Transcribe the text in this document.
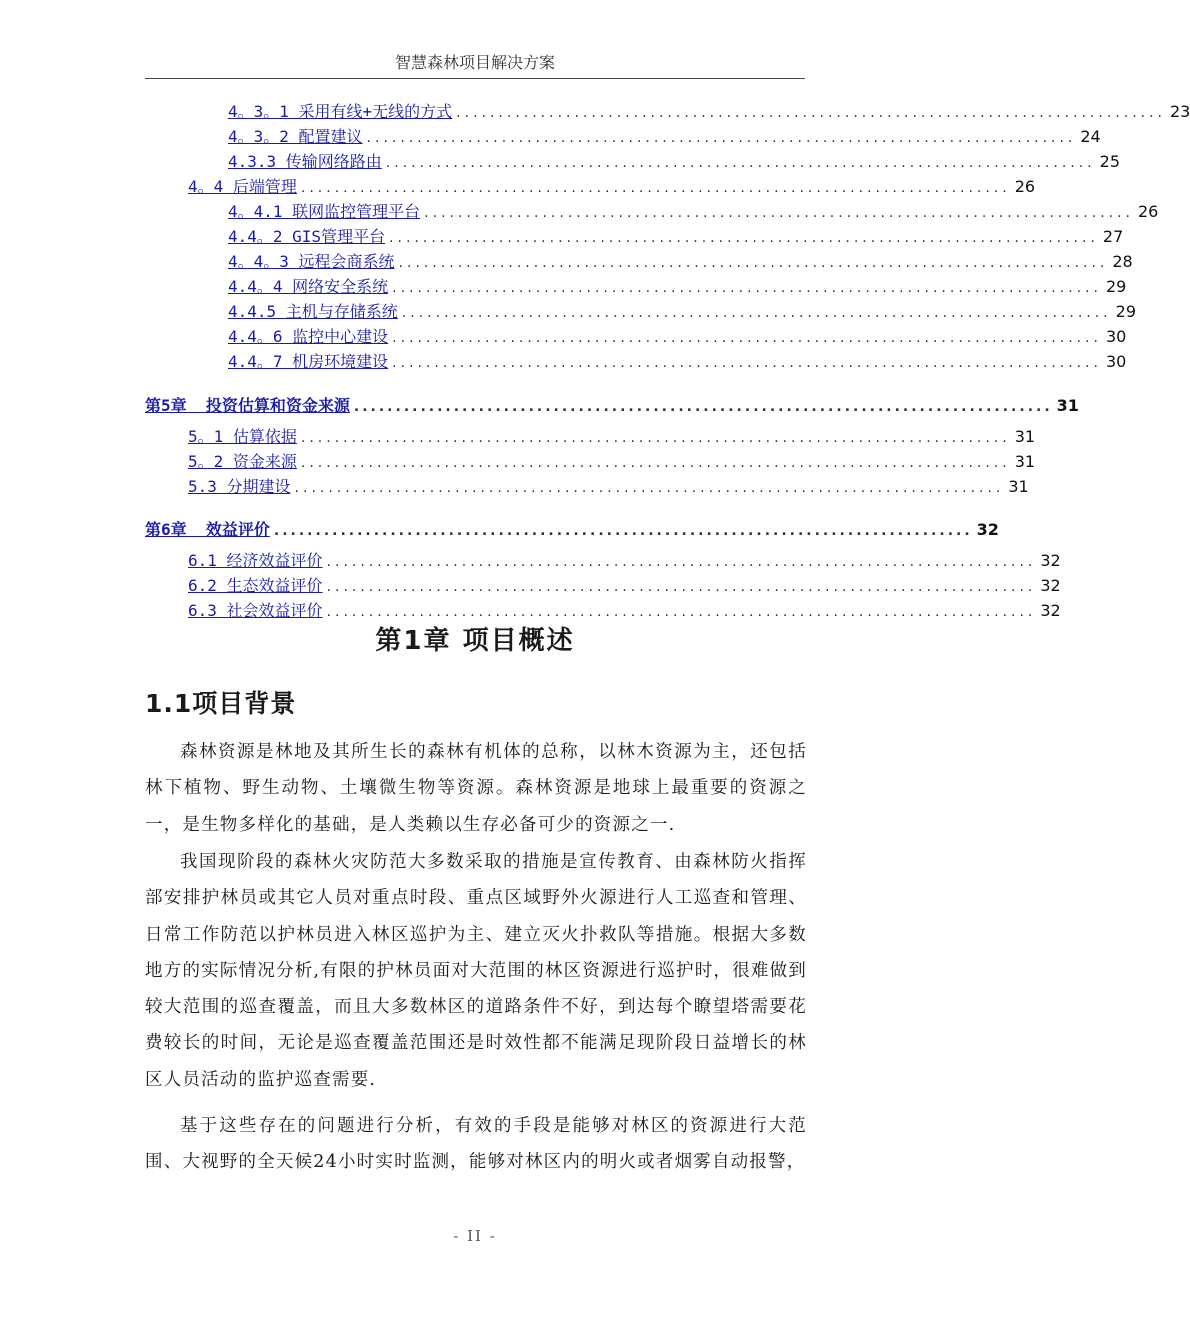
智慧森林项目解决方案
4。3。1 采用有线+无线的方式 .................................................................................... 23
4。3。2 配置建议 .................................................................................... 24
4.3.3 传输网络路由 .................................................................................... 25
4。4 后端管理 .................................................................................... 26
4。4.1 联网监控管理平台 .................................................................................... 26
4.4。2 GIS管理平台 .................................................................................... 27
4。4。3 远程会商系统 .................................................................................... 28
4.4。4 网络安全系统 .................................................................................... 29
4.4.5 主机与存储系统 .................................................................................... 29
4.4。6 监控中心建设 .................................................................................... 30
4.4。7 机房环境建设 .................................................................................... 30
第5章  投资估算和资金来源 .................................................................................... 31
5。1 估算依据 .................................................................................... 31
5。2 资金来源 .................................................................................... 31
5.3 分期建设 .................................................................................... 31
第6章  效益评价 .................................................................................... 32
6.1 经济效益评价 .................................................................................... 32
6.2 生态效益评价 .................................................................................... 32
6.3 社会效益评价 .................................................................................... 32
第1章 项目概述
1.1项目背景

森林资源是林地及其所生长的森林有机体的总称，以林木资源为主，还包括林下植物、野生动物、土壤微生物等资源。森林资源是地球上最重要的资源之一，是生物多样化的基础，是人类赖以生存必备可少的资源之一.

我国现阶段的森林火灾防范大多数采取的措施是宣传教育、由森林防火指挥部安排护林员或其它人员对重点时段、重点区域野外火源进行人工巡查和管理、日常工作防范以护林员进入林区巡护为主、建立灭火扑救队等措施。根据大多数地方的实际情况分析,有限的护林员面对大范围的林区资源进行巡护时，很难做到较大范围的巡查覆盖，而且大多数林区的道路条件不好，到达每个瞭望塔需要花费较长的时间，无论是巡查覆盖范围还是时效性都不能满足现阶段日益增长的林区人员活动的监护巡查需要.

基于这些存在的问题进行分析，有效的手段是能够对林区的资源进行大范围、大视野的全天候24小时实时监测，能够对林区内的明火或者烟雾自动报警，

- II -
